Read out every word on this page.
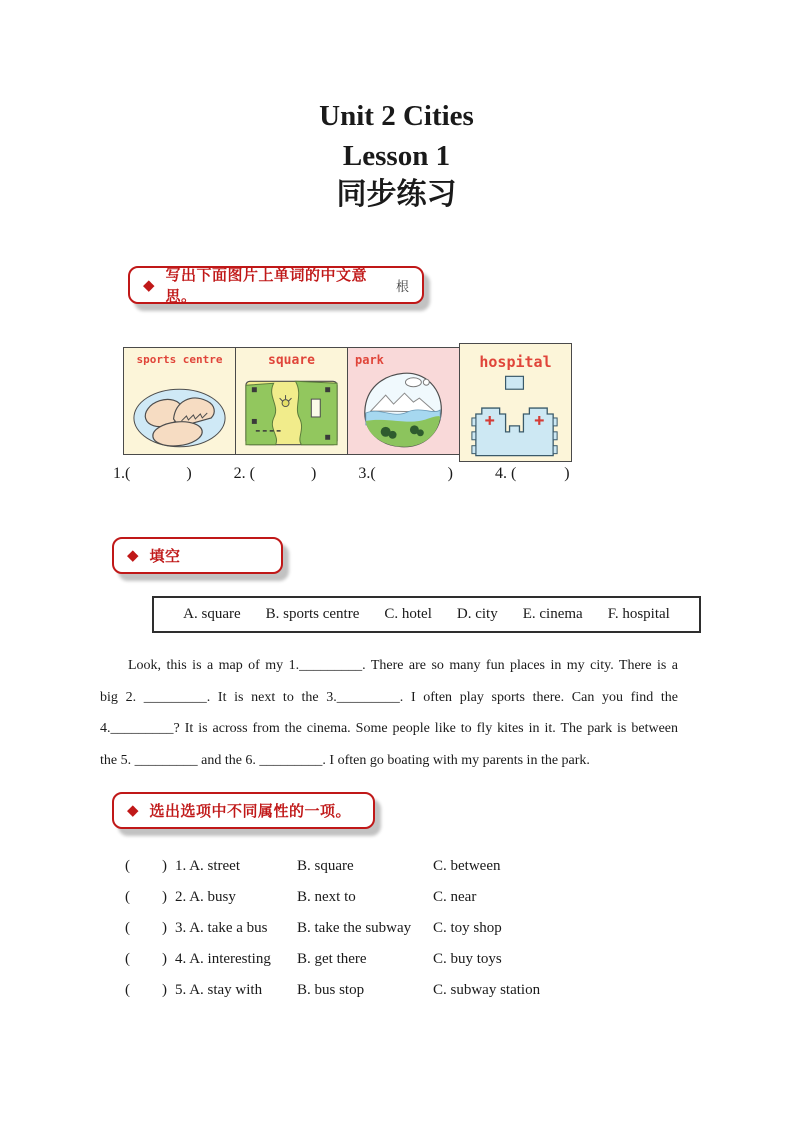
Unit 2 Cities
Lesson 1
同步练习
◆
写出下面图片上单词的中文意思。	根
sports centre	square	park	hospital
1.(              )	2. (              )	3.(                  )	4. (            )
◆ 填空
A. square B. sports centre C. hotel D. city E. cinema F. hospital
Look, this is a map of my 1._________. There are so many fun places in my city. There is a
big 2. _________. It is next to the 3._________. I often play sports there. Can you find the
4._________? It is across from the cinema. Some people like to fly kites in it. The park is between
the 5. _________ and the 6. _________. I often go boating with my parents in the park.
◆ 选出选项中不同属性的一项。
( ) 1. A. street	B. square	C. between
( ) 2. A. busy	B. next to	C. near
( ) 3. A. take a bus	B. take the subway	C. toy shop
( ) 4. A. interesting	B. get there	C. buy toys
( ) 5. A. stay with	B. bus stop	C. subway station
